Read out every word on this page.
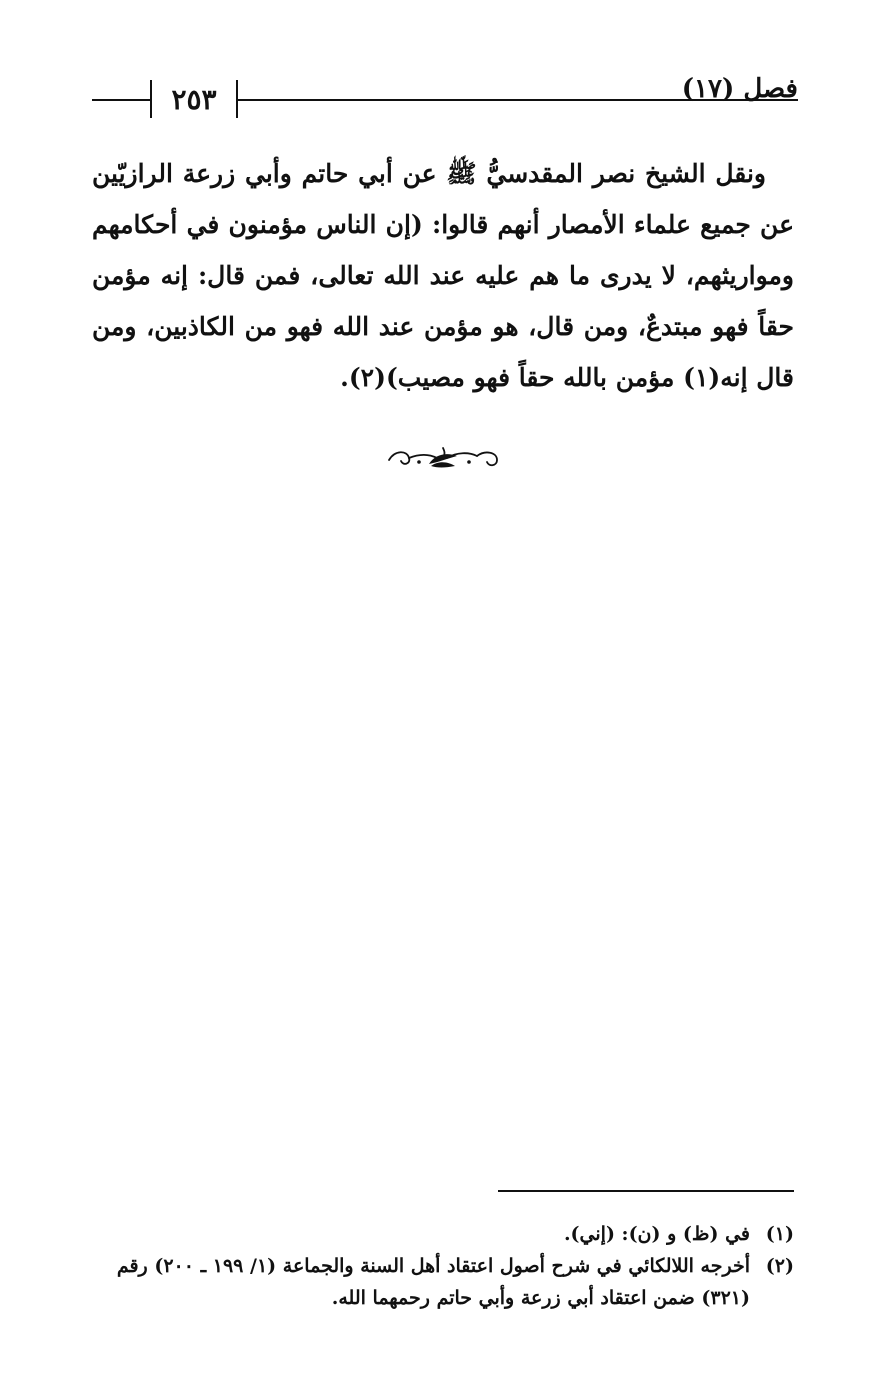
فصل (١٧)
٢٥٣
ونقل الشيخ نصر المقدسيُّ ﷺ عن أبي حاتم وأبي زرعة الرازيّين
عن جميع علماء الأمصار أنهم قالوا: (إن الناس مؤمنون في أحكامهم
ومواريثهم، لا يدرى ما هم عليه عند الله تعالى، فمن قال: إنه مؤمن
حقاً فهو مبتدعٌ، ومن قال، هو مؤمن عند الله فهو من الكاذبين، ومن
قال إنه(١) مؤمن بالله حقاً فهو مصيب)(٢).
(١)
في (ظ) و (ن): (إني).
(٢)
أخرجه اللالكائي في شرح أصول اعتقاد أهل السنة والجماعة (١/ ١٩٩ ـ ٢٠٠) رقم
(٣٢١) ضمن اعتقاد أبي زرعة وأبي حاتم رحمهما الله.
